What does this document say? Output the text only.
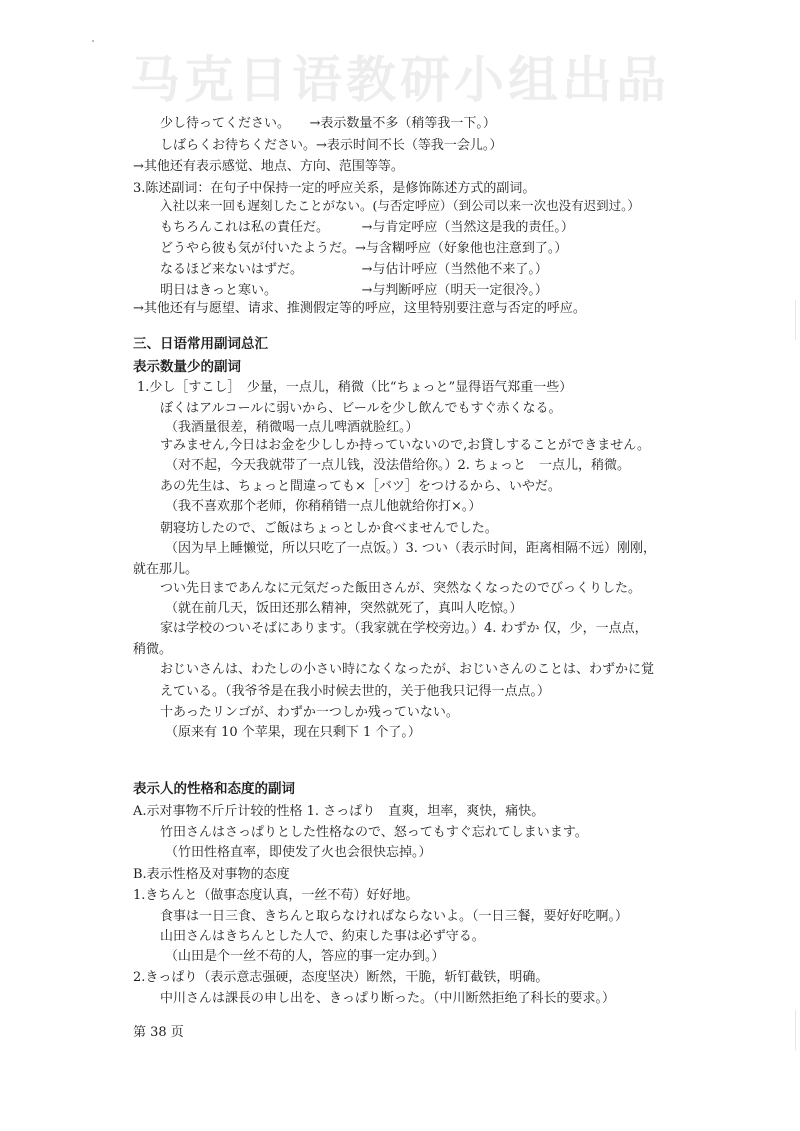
马克日语教研小组出品
少し待ってください。　　→表示数量不多（稍等我一下。）
しばらくお待ちください。→表示时间不长（等我一会儿。）
→其他还有表示感觉、地点、方向、范围等等。
3.陈述副词：在句子中保持一定的呼应关系，是修饰陈述方式的副词。
入社以来一回も遅刻したことがない。(与否定呼应）（到公司以来一次也没有迟到过。）
もちろんこれは私の責任だ。　　　→与肯定呼应（当然这是我的责任。）
どうやら彼も気が付いたようだ。→与含糊呼应（好象他也注意到了。）
なるほど来ないはずだ。　　　　　→与估计呼应（当然他不来了。）
明日はきっと寒い。　　　　　　　→与判断呼应（明天一定很冷。）
→其他还有与愿望、请求、推测假定等的呼应，这里特别要注意与否定的呼应。
三、日语常用副词总汇
表示数量少的副词
1.少し［すこし］　少量，一点儿，稍微（比“ちょっと”显得语气郑重一些）
ぼくはアルコールに弱いから、ビールを少し飲んでもすぐ赤くなる。
（我酒量很差，稍微喝一点儿啤酒就脸红。）
すみません,今日はお金を少ししか持っていないので,お貸しすることができません。
（对不起，今天我就带了一点儿钱，没法借给你。）2. ちょっと　一点儿，稍微。
あの先生は、ちょっと間違っても×［バツ］をつけるから、いやだ。
（我不喜欢那个老师，你稍稍错一点儿他就给你打×。）
朝寝坊したので、ご飯はちょっとしか食べませんでした。
（因为早上睡懒觉，所以只吃了一点饭。）3. つい（表示时间，距离相隔不远）刚刚，
就在那儿。
つい先日まであんなに元気だった飯田さんが、突然なくなったのでびっくりした。
（就在前几天，饭田还那么精神，突然就死了，真叫人吃惊。）
家は学校のついそばにあります。（我家就在学校旁边。）4. わずか 仅，少，一点点，
稍微。
おじいさんは、わたしの小さい時になくなったが、おじいさんのことは、わずかに覚
えている。（我爷爷是在我小时候去世的，关于他我只记得一点点。）
十あったリンゴが、わずか一つしか残っていない。
（原来有 10 个苹果，现在只剩下 1 个了。）
表示人的性格和态度的副词
A.示对事物不斤斤计较的性格 1. さっぱり　直爽，坦率，爽快，痛快。
竹田さんはさっぱりとした性格なので、怒ってもすぐ忘れてしまいます。
（竹田性格直率，即使发了火也会很快忘掉。）
B.表示性格及对事物的态度
1.きちんと（做事态度认真，一丝不苟）好好地。
食事は一日三食、きちんと取らなければならないよ。（一日三餐，要好好吃啊。）
山田さんはきちんとした人で、約束した事は必ず守る。
（山田是个一丝不苟的人，答应的事一定办到。）
2.きっぱり（表示意志强硬，态度坚决）断然，干脆，斩钉截铁，明确。
中川さんは課長の申し出を、きっぱり断った。（中川断然拒绝了科长的要求。）
第 38 页
